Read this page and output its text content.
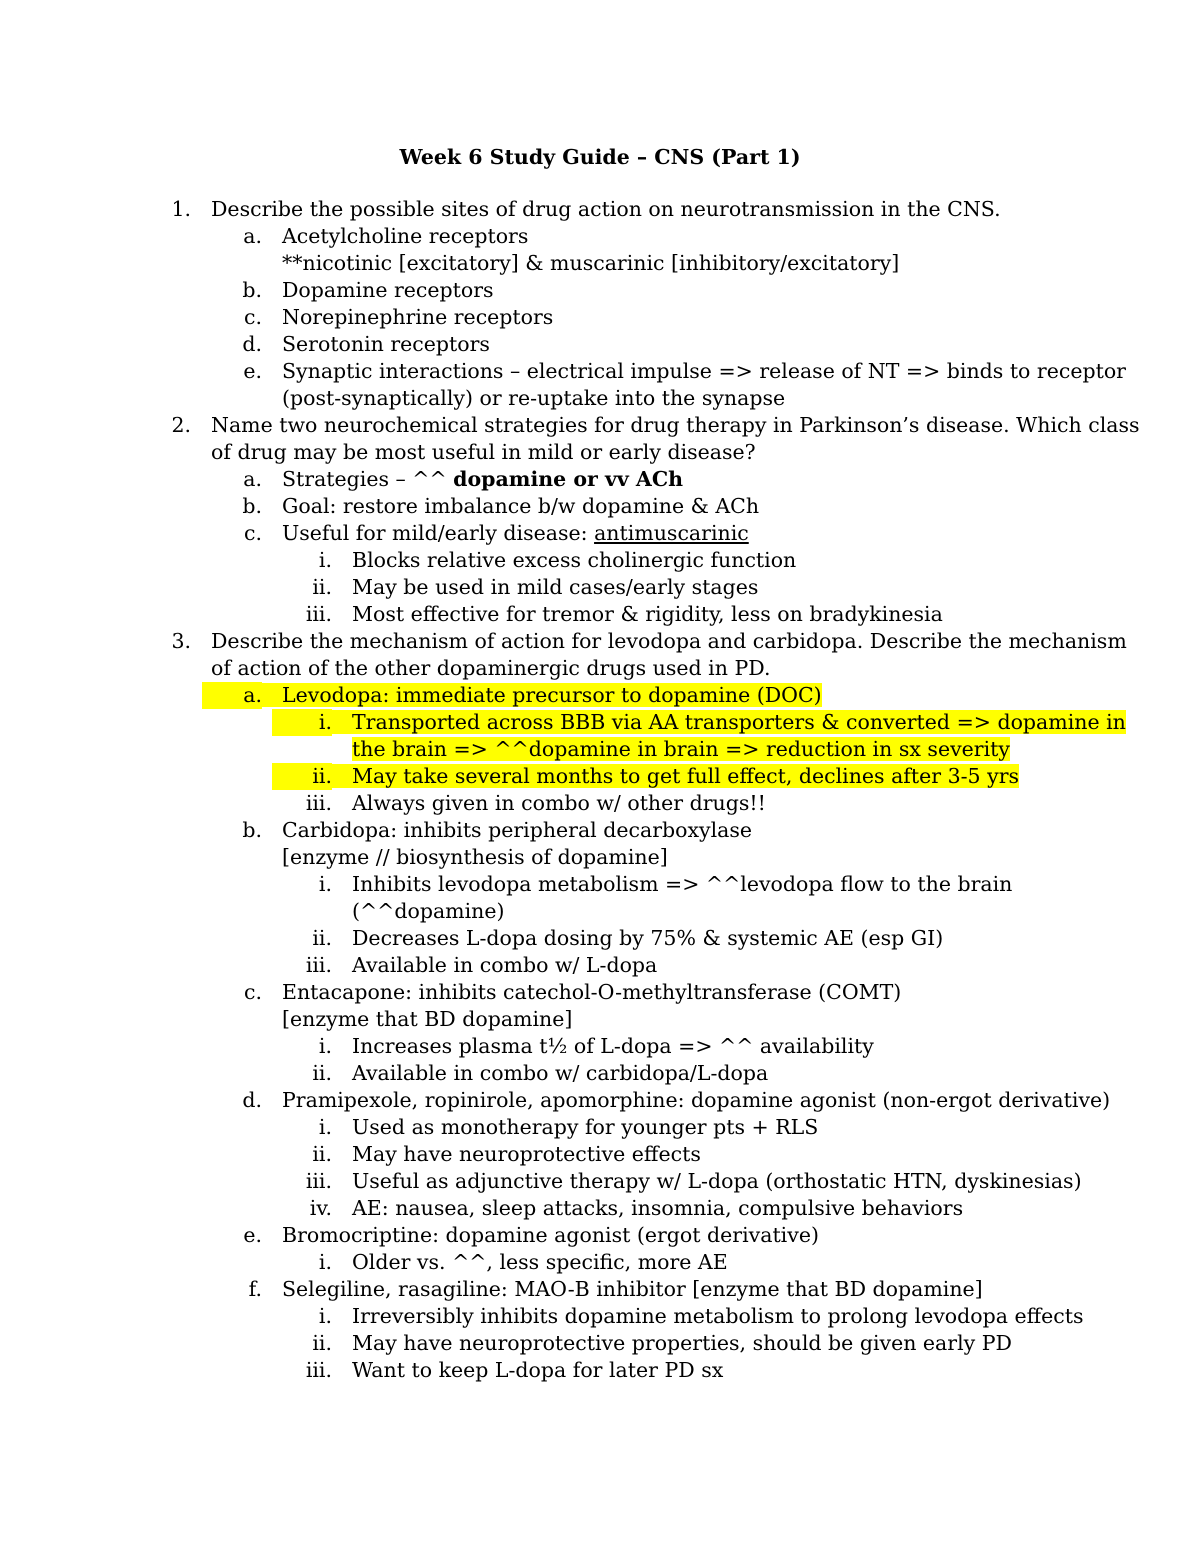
Week 6 Study Guide – CNS (Part 1)
1. Describe the possible sites of drug action on neurotransmission in the CNS.
a. Acetylcholine receptors
**nicotinic [excitatory] & muscarinic [inhibitory/excitatory]
b. Dopamine receptors
c. Norepinephrine receptors
d. Serotonin receptors
e. Synaptic interactions – electrical impulse => release of NT => binds to receptor
(post-synaptically) or re-uptake into the synapse
2. Name two neurochemical strategies for drug therapy in Parkinson’s disease. Which class
of drug may be most useful in mild or early disease?
a. Strategies – ^^ dopamine or vv ACh
b. Goal: restore imbalance b/w dopamine & ACh
c. Useful for mild/early disease: antimuscarinic
i. Blocks relative excess cholinergic function
ii. May be used in mild cases/early stages
iii. Most effective for tremor & rigidity, less on bradykinesia
3. Describe the mechanism of action for levodopa and carbidopa. Describe the mechanism
of action of the other dopaminergic drugs used in PD.
a. Levodopa: immediate precursor to dopamine (DOC)
i. Transported across BBB via AA transporters & converted => dopamine in
the brain => ^^dopamine in brain => reduction in sx severity
ii. May take several months to get full effect, declines after 3-5 yrs
iii. Always given in combo w/ other drugs!!
b. Carbidopa: inhibits peripheral decarboxylase
[enzyme // biosynthesis of dopamine]
i. Inhibits levodopa metabolism => ^^levodopa flow to the brain
(^^dopamine)
ii. Decreases L-dopa dosing by 75% & systemic AE (esp GI)
iii. Available in combo w/ L-dopa
c. Entacapone: inhibits catechol-O-methyltransferase (COMT)
[enzyme that BD dopamine]
i. Increases plasma t½ of L-dopa => ^^ availability
ii. Available in combo w/ carbidopa/L-dopa
d. Pramipexole, ropinirole, apomorphine: dopamine agonist (non-ergot derivative)
i. Used as monotherapy for younger pts + RLS
ii. May have neuroprotective effects
iii. Useful as adjunctive therapy w/ L-dopa (orthostatic HTN, dyskinesias)
iv. AE: nausea, sleep attacks, insomnia, compulsive behaviors
e. Bromocriptine: dopamine agonist (ergot derivative)
i. Older vs. ^^, less specific, more AE
f. Selegiline, rasagiline: MAO-B inhibitor [enzyme that BD dopamine]
i. Irreversibly inhibits dopamine metabolism to prolong levodopa effects
ii. May have neuroprotective properties, should be given early PD
iii. Want to keep L-dopa for later PD sx
